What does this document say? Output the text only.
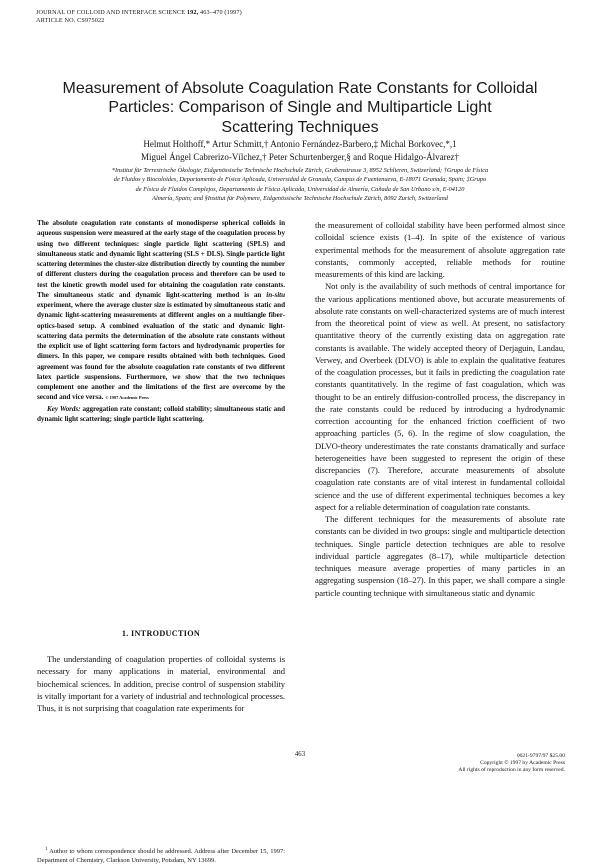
JOURNAL OF COLLOID AND INTERFACE SCIENCE 192, 463–470 (1997)
ARTICLE NO. CS975022
Measurement of Absolute Coagulation Rate Constants for Colloidal
Particles: Comparison of Single and Multiparticle Light
Scattering Techniques
Helmut Holthoff,* Artur Schmitt,† Antonio Fernández-Barbero,‡ Michal Borkovec,*,1
Miguel Ángel Cabrerizo-Vílchez,† Peter Schurtenberger,§ and Roque Hidalgo-Álvarez†
*Institut für Terrestrische Ökologie, Eidgenössische Technische Hochschule Zürich, Grabenstrasse 3, 8952 Schlieren, Switzerland; †Grupo de Física
de Fluidos y Biocoloides, Departamento de Física Aplicada, Universidad de Granada, Campus de Fuentenueva, E-18071 Granada, Spain; ‡Grupo
de Física de Fluidos Complejos, Departamento de Física Aplicada, Universidad de Almería, Cañada de San Urbano s/n, E-04120
Almería, Spain; and §Institut für Polymere, Eidgenössische Technische Hochschule Zürich, 8092 Zurich, Switzerland

The absolute coagulation rate constants of monodisperse spherical colloids in aqueous suspension were measured at the early stage of the coagulation process by using two different techniques: single particle light scattering (SPLS) and simultaneous static and dynamic light scattering (SLS + DLS). Single particle light scattering determines the cluster-size distribution directly by counting the number of different clusters during the coagulation process and therefore can be used to test the kinetic growth model used for obtaining the coagulation rate constants. The simultaneous static and dynamic light-scattering method is an in-situ experiment, where the average cluster size is estimated by simultaneous static and dynamic light-scattering measurements at different angles on a multiangle fiber-optics-based setup. A combined evaluation of the static and dynamic light-scattering data permits the determination of the absolute rate constants without the explicit use of light scattering form factors and hydrodynamic properties for dimers. In this paper, we compare results obtained with both techniques. Good agreement was found for the absolute coagulation rate constants of two different latex particle suspensions. Furthermore, we show that the two techniques complement one another and the limitations of the first are overcome by the second and vice versa. © 1997 Academic Press

Key Words: aggregation rate constant; colloid stability; simultaneous static and dynamic light scattering; single particle light scattering.

1. INTRODUCTION

The understanding of coagulation properties of colloidal systems is necessary for many applications in material, environmental and biochemical sciences. In addition, precise control of suspension stability is vitally important for a variety of industrial and technological processes. Thus, it is not surprising that coagulation rate experiments for

$^1$ Author to whom correspondence should be addressed. Address after December 15, 1997: Department of Chemistry, Clarkson University, Potsdam, NY 13699.

the measurement of colloidal stability have been performed almost since colloidal science exists (1–4). In spite of the existence of various experimental methods for the measurement of absolute aggregation rate constants, commonly accepted, reliable methods for routine measurements of this kind are lacking.

Not only is the availability of such methods of central importance for the various applications mentioned above, but accurate measurements of absolute rate constants on well-characterized systems are of much interest from the theoretical point of view as well. At present, no satisfactory quantitative theory of the currently existing data on aggregation rate constants is available. The widely accepted theory of Derjaguin, Landau, Verwey, and Overbeek (DLVO) is able to explain the qualitative features of the coagulation processes, but it fails in predicting the coagulation rate constants quantitatively. In the regime of fast coagulation, which was thought to be an entirely diffusion-controlled process, the discrepancy in the rate constants could be reduced by introducing a hydrodynamic correction accounting for the enhanced friction coefficient of two approaching particles (5, 6). In the regime of slow coagulation, the DLVO-theory underestimates the rate constants dramatically and surface heterogeneities have been suggested to represent the origin of these discrepancies (7). Therefore, accurate measurements of absolute coagulation rate constants are of vital interest in fundamental colloidal science and the use of different experimental techniques becomes a key aspect for a reliable determination of coagulation rate constants.

The different techniques for the measurements of absolute rate constants can be divided in two groups: single and multiparticle detection techniques. Single particle detection techniques are able to resolve individual particle aggregates (8–17), while multiparticle detection techniques measure average properties of many particles in an aggregating suspension (18–27). In this paper, we shall compare a single particle counting technique with simultaneous static and dynamic

463	0021-9797/97 $25.00
Copyright © 1997 by Academic Press
All rights of reproduction in any form reserved.
